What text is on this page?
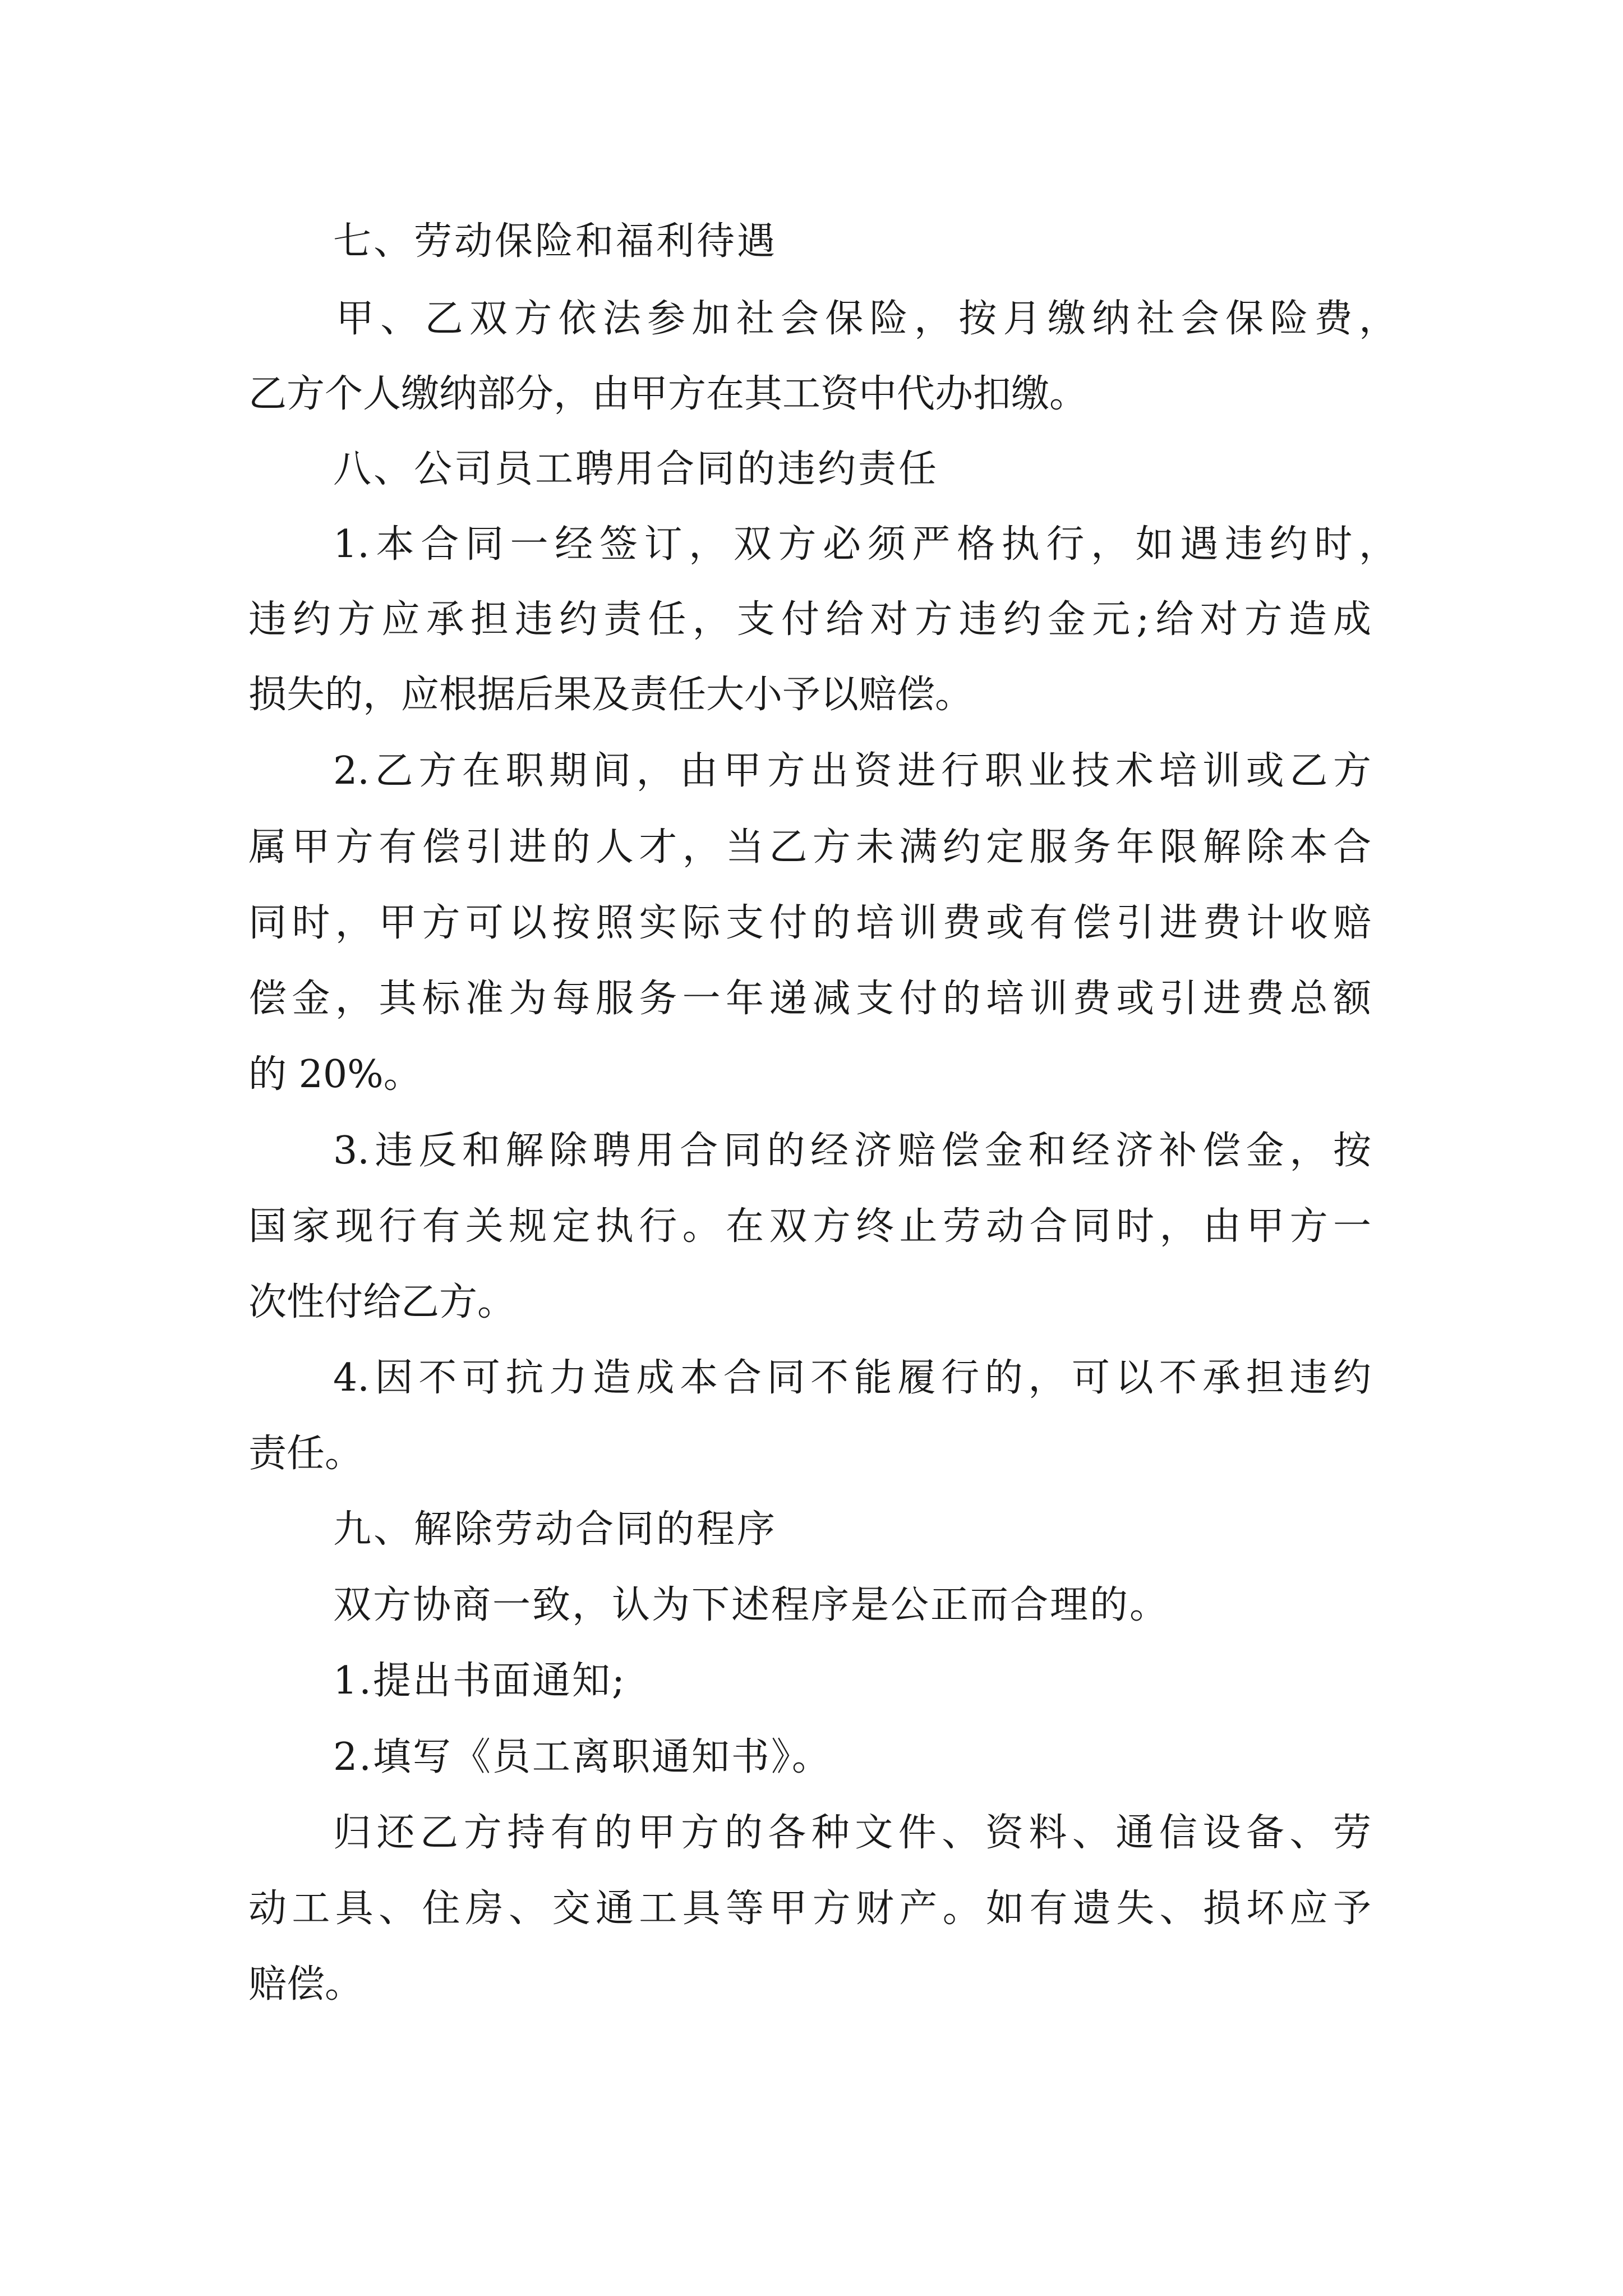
七、劳动保险和福利待遇
甲、乙双方依法参加社会保险，按月缴纳社会保险费，
乙方个人缴纳部分，由甲方在其工资中代办扣缴。
八、公司员工聘用合同的违约责任
1.本合同一经签订，双方必须严格执行，如遇违约时，
违约方应承担违约责任，支付给对方违约金元;给对方造成
损失的，应根据后果及责任大小予以赔偿。
2.乙方在职期间，由甲方出资进行职业技术培训或乙方
属甲方有偿引进的人才，当乙方未满约定服务年限解除本合
同时，甲方可以按照实际支付的培训费或有偿引进费计收赔
偿金，其标准为每服务一年递减支付的培训费或引进费总额
的 20%。
3.违反和解除聘用合同的经济赔偿金和经济补偿金，按
国家现行有关规定执行。在双方终止劳动合同时，由甲方一
次性付给乙方。
4.因不可抗力造成本合同不能履行的，可以不承担违约
责任。
九、解除劳动合同的程序
双方协商一致，认为下述程序是公正而合理的。
1.提出书面通知;
2.填写《员工离职通知书》。
归还乙方持有的甲方的各种文件、资料、通信设备、劳
动工具、住房、交通工具等甲方财产。如有遗失、损坏应予
赔偿。
